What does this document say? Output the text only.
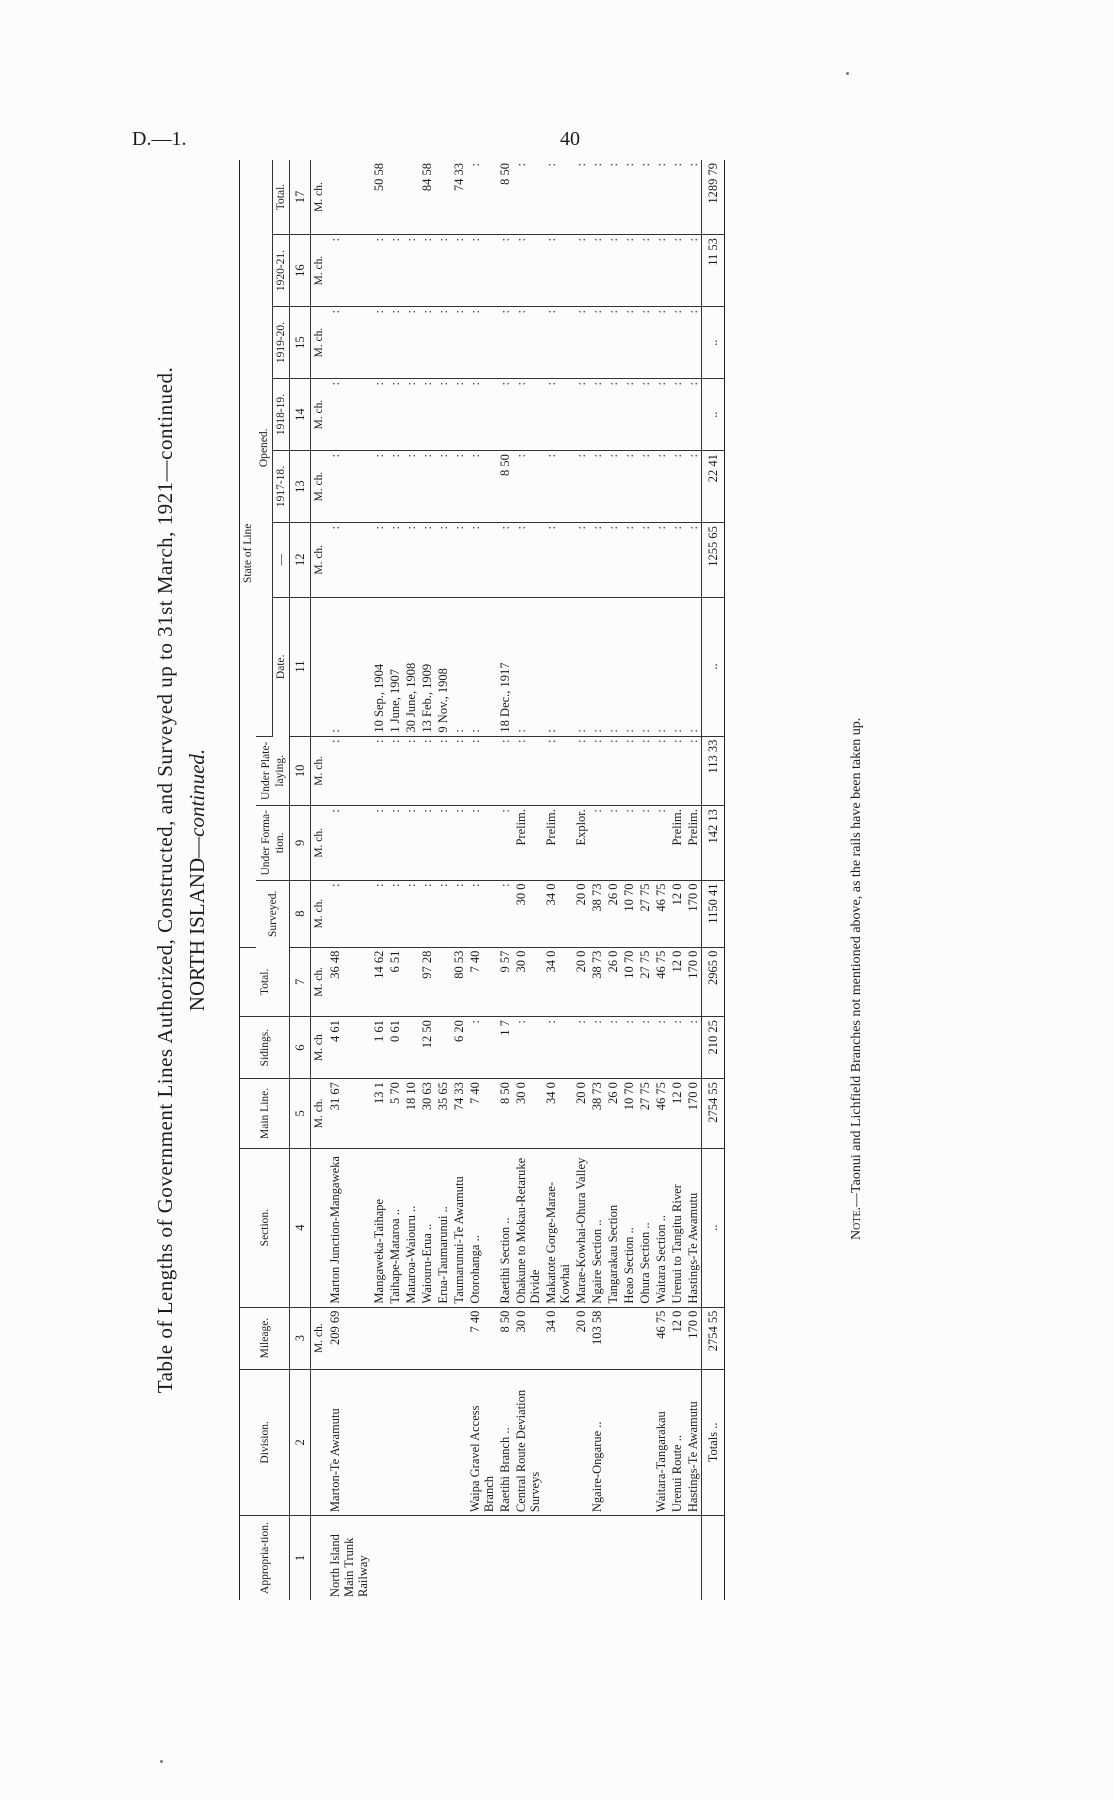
D.—1.	40
Table of Lengths of Government Lines Authorized, Constructed, and Surveyed up to 31st March, 1921—continued. NORTH ISLAND—continued.
Appropria-tion.	Division.	Mileage.	Section.	Main Line.	Sidings.	Total.	State of Line									
							Surveyed.	Under Forma-tion.	Under Plate-laying.	Opened.						
										Date.	—	1917-18.	1918-19.	1919-20.	1920-21.	Total.
1	2	3	4	5	6	7	8	9	10	11	12	13	14	15	16	17
		M. ch.		M. ch.	M. ch	M. ch.	M. ch.	M. ch.	M. ch.		M. ch.	M. ch.	M. ch.	M. ch.	M. ch.	M. ch.
North Island Main Trunk Railway	Marton-Te Awamutu	209 69	Marton Junction-Mangaweka	31 67	4 61	36 48	:	:	:	:	:	:	:	:	:	
			Mangaweka-Taihape	13 1	1 61	14 62	:	:	:	10 Sep., 1904	:	:	:	:	:	50 58
			Taihape-Mataroa ..	5 70	0 61	6 51	:	:	:	1 June, 1907	:	:	:	:	:	
			Mataroa-Waiouru ..	18 10			:	:	:	30 June, 1908	:	:	:	:	:	
			Waiouru-Erua ..	30 63	12 50	97 28	:	:	:	13 Feb., 1909	:	:	:	:	:	84 58
			Erua-Taumarunui ..	35 65			:	:	:	9 Nov., 1908	:	:	:	:	:	
			Taumarunui-Te Awamutu	74 33	6 20	80 53	:	:	:	:	:	:	:	:	:	74 33
	Waipa Gravel Access Branch	7 40	Otorohanga ..	7 40	:	7 40	:	:	:	:	:	:	:	:	:	:
	Raetihi Branch ..	8 50	Raetihi Section ..	8 50	1 7	9 57	:	:	:	18 Dec., 1917	:	8 50	:	:	:	8 50
	Central Route Deviation Surveys	30 0	Ohakune to Mokau-Retaruke Divide	30 0	:	30 0	30 0	Prelim.	:	:	:	:	:	:	:	:
		34 0	Makatote Gorge-Marae-Kowhai	34 0	:	34 0	34 0	Prelim.	:	:	:	:	:	:	:	:
		20 0	Marae-Kowhai-Ohura Valley	20 0	:	20 0	20 0	Explor.	:	:	:	:	:	:	:	:
	Ngaire-Ongarue ..	103 58	Ngaire Section ..	38 73	:	38 73	38 73	:	:	:	:	:	:	:	:	:
			Tangarakau Section	26 0	:	26 0	26 0	:	:	:	:	:	:	:	:	:
			Heao Section ..	10 70	:	10 70	10 70	:	:	:	:	:	:	:	:	:
			Ohura Section ..	27 75	:	27 75	27 75	:	:	:	:	:	:	:	:	:
	Waitara-Tangarakau	46 75	Waitara Section ..	46 75	:	46 75	46 75	:	:	:	:	:	:	:	:	:
	Urenui Route ..	12 0	Urenui to Tangitu River	12 0	:	12 0	12 0	Prelim.	:	:	:	:	:	:	:	:
	Hastings-Te Awamutu	170 0	Hastings-Te Awamutu	170 0	:	170 0	170 0	Prelim.	:	:	:	:	:	:	:	:
	Totals ..	2754 55	..	2754 55	210 25	2965 0	1150 41	142 13	113 33	..	1255 65	22 41	..	..	11 53	1289 79
Note.—Taonui and Lichfield Branches not mentioned above, as the rails have been taken up.
